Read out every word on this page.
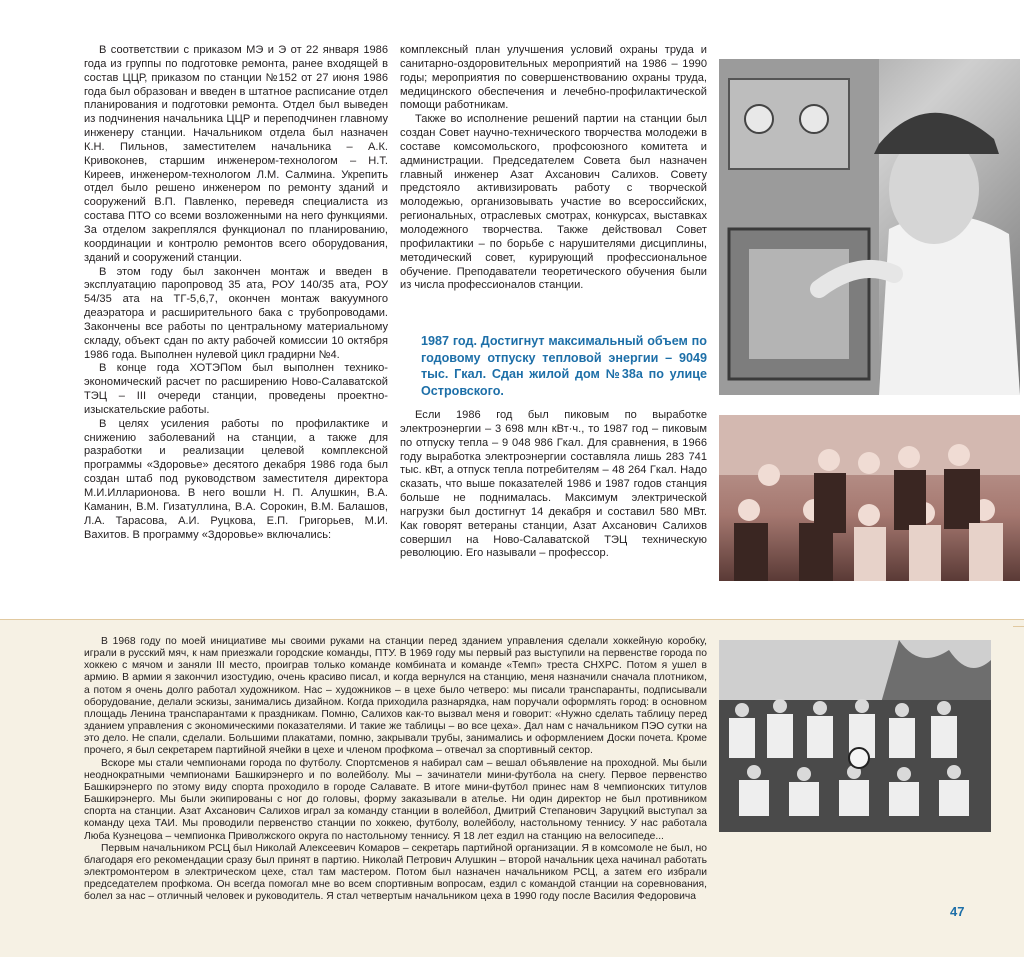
В соответствии с приказом МЭ и Э от 22 января 1986 года из группы по подготовке ремонта, ранее входящей в состав ЦЦР, приказом по станции №152 от 27 июня 1986 года был образован и введен в штатное расписание отдел планирования и подготовки ремонта. Отдел был выведен из подчинения начальника ЦЦР и переподчинен главному инженеру станции. Начальником отдела был назначен К.Н. Пильнов, заместителем начальника – А.К. Кривоконев, старшим инженером-технологом – Н.Т. Киреев, инженером-технологом Л.М. Салмина. Укрепить отдел было решено инженером по ремонту зданий и сооружений В.П. Павленко, переведя специалиста из состава ПТО со всеми возложенными на него функциями. За отделом закреплялся функционал по планированию, координации и контролю ремонтов всего оборудования, зданий и сооружений станции.

В этом году был закончен монтаж и введен в эксплуатацию паропровод 35 ата, РОУ 140/35 ата, РОУ 54/35 ата на ТГ-5,6,7, окончен монтаж вакуумного деаэратора и расширительного бака с трубопроводами. Закончены все работы по центральному материальному складу, объект сдан по акту рабочей комиссии 10 октября 1986 года. Выполнен нулевой цикл градирни №4.

В конце года ХОТЭПом был выполнен технико-экономический расчет по расширению Ново-Салаватской ТЭЦ – III очереди станции, проведены проектно-изыскательские работы.

В целях усиления работы по профилактике и снижению заболеваний на станции, а также для разработки и реализации целевой комплексной программы «Здоровье» десятого декабря 1986 года был создан штаб под руководством заместителя директора М.И.Илларионова. В него вошли Н. П. Алушкин, В.А. Каманин, В.М. Гизатуллина, В.А. Сорокин, В.М. Балашов, Л.А. Тарасова, А.И. Руцкова, Е.П. Григорьев, М.И. Вахитов. В программу «Здоровье» включались:

комплексный план улучшения условий охраны труда и санитарно-оздоровительных мероприятий на 1986 – 1990 годы; мероприятия по совершенствованию охраны труда, медицинского обеспечения и лечебно-профилактической помощи работникам.

Также во исполнение решений партии на станции был создан Совет научно-технического творчества молодежи в составе комсомольского, профсоюзного комитета и администрации. Председателем Совета был назначен главный инженер Азат Ахсанович Салихов. Совету предстояло активизировать работу с творческой молодежью, организовывать участие во всероссийских, региональных, отраслевых смотрах, конкурсах, выставках молодежного творчества. Также действовал Совет профилактики – по борьбе с нарушителями дисциплины, методический совет, курирующий профессиональное обучение. Преподаватели теоретического обучения были из числа профессионалов станции.

1987 год. Достигнут максимальный объем по годовому отпуску тепловой энергии – 9049 тыс. Гкал. Сдан жилой дом №38а по улице Островского.

Если 1986 год был пиковым по выработке электроэнергии – 3 698 млн кВт·ч., то 1987 год – пиковым по отпуску тепла – 9 048 986 Гкал. Для сравнения, в 1966 году выработка электроэнергии составляла лишь 283 741 тыс. кВт, а отпуск тепла потребителям – 48 264 Гкал. Надо сказать, что выше показателей 1986 и 1987 годов станция больше не поднималась. Максимум электрической нагрузки был достигнут 14 декабря и составил 580 МВт. Как говорят ветераны станции, Азат Ахсанович Салихов совершил на Ново-Салаватской ТЭЦ техническую революцию. Его называли – профессор.

В 1968 году по моей инициативе мы своими руками на станции перед зданием управления сделали хоккейную коробку, играли в русский мяч, к нам приезжали городские команды, ПТУ. В 1969 году мы первый раз выступили на первенстве города по хоккею с мячом и заняли III место, проиграв только команде комбината и команде «Темп» треста СНХРС. Потом я ушел в армию. В армии я закончил изостудию, очень красиво писал, и когда вернулся на станцию, меня назначили сначала плотником, а потом я очень долго работал художником. Нас – художников – в цехе было четверо: мы писали транспаранты, подписывали оборудование, делали эскизы, занимались дизайном. Когда приходила разнарядка, нам поручали оформлять город: в основном площадь Ленина транспарантами к праздникам. Помню, Салихов как-то вызвал меня и говорит: «Нужно сделать таблицу перед зданием управления с экономическими показателями. И такие же таблицы – во все цеха». Дал нам с начальником ПЭО сутки на это дело. Не спали, сделали. Большими плакатами, помню, закрывали трубы, занимались и оформлением Доски почета. Кроме прочего, я был секретарем партийной ячейки в цехе и членом профкома – отвечал за спортивный сектор.

Вскоре мы стали чемпионами города по футболу. Спортсменов я набирал сам – вешал объявление на проходной. Мы были неоднократными чемпионами Башкирэнерго и по волейболу. Мы – зачинатели мини-футбола на снегу. Первое первенство Башкирэнерго по этому виду спорта проходило в городе Салавате. В итоге мини-футбол принес нам 8 чемпионских титулов Башкирэнерго. Мы были экипированы с ног до головы, форму заказывали в ателье. Ни один директор не был противником спорта на станции. Азат Ахсанович Салихов играл за команду станции в волейбол, Дмитрий Степанович Заруцкий выступал за команду цеха ТАИ. Мы проводили первенство станции по хоккею, футболу, волейболу, настольному теннису. У нас работала Люба Кузнецова – чемпионка Приволжского округа по настольному теннису. Я 18 лет ездил на станцию на велосипеде...

Первым начальником РСЦ был Николай Алексеевич Комаров – секретарь партийной организации. Я в комсомоле не был, но благодаря его рекомендации сразу был принят в партию. Николай Петрович Алушкин – второй начальник цеха начинал работать электромонтером в электрическом цехе, стал там мастером. Потом был назначен начальником РСЦ, а затем его избрали председателем профкома. Он всегда помогал мне во всем спортивным вопросам, ездил с командой станции на соревнования, болел за нас – отличный человек и руководитель. Я стал четвертым начальником цеха в 1990 году после Василия Федоровича

47
